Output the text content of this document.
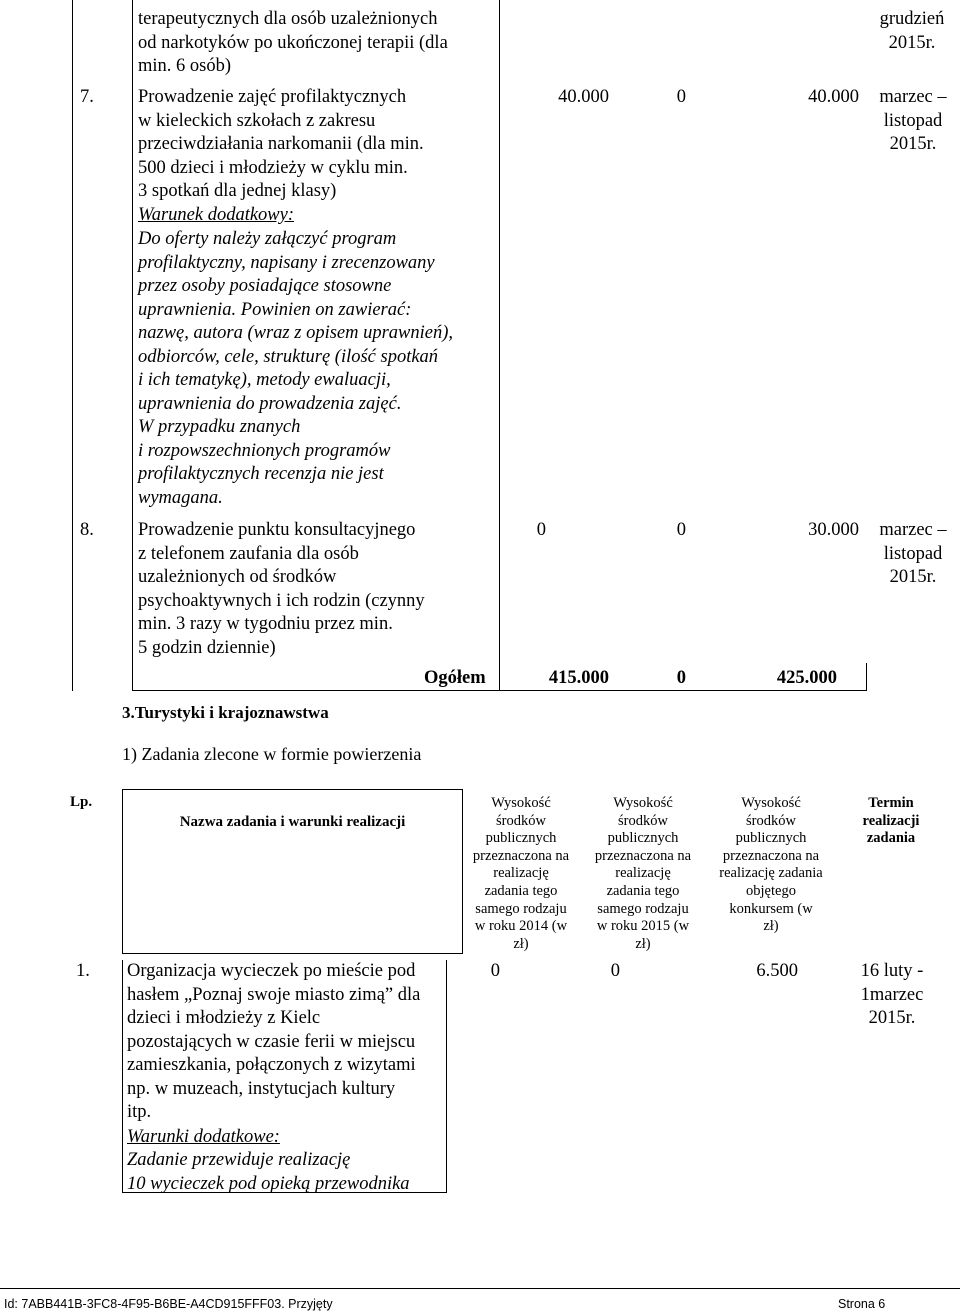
terapeutycznych dla osób uzależnionych
od narkotyków po ukończonej terapii (dla
min. 6 osób)
grudzień
2015r.
7. Prowadzenie zajęć profilaktycznych
w kieleckich szkołach z zakresu
przeciwdziałania narkomanii (dla min.
500 dzieci i młodzieży w cyklu min.
3 spotkań dla jednej klasy)
Warunek dodatkowy:
Do oferty należy załączyć program
profilaktyczny, napisany i zrecenzowany
przez osoby posiadające stosowne
uprawnienia. Powinien on zawierać:
nazwę, autora (wraz z opisem uprawnień),
odbiorców, cele, strukturę (ilość spotkań
i ich tematykę), metody ewaluacji,
uprawnienia do prowadzenia zajęć.
W przypadku znanych
i rozpowszechnionych programów
profilaktycznych recenzja nie jest
wymagana.
40.000	0	40.000	marzec –
listopad
2015r.
8. Prowadzenie punktu konsultacyjnego
z telefonem zaufania dla osób
uzależnionych od środków
psychoaktywnych i ich rodzin (czynny
min. 3 razy w tygodniu przez min.
5 godzin dziennie)
0	0	30.000	marzec –
listopad
2015r.
Ogółem	415.000	0	425.000
3.Turystyki i krajoznawstwa
1) Zadania zlecone w formie powierzenia
Lp.
Nazwa zadania i warunki realizacji
Wysokość
środków
publicznych
przeznaczona na
realizację
zadania tego
samego rodzaju
w roku 2014 (w
zł)
Wysokość
środków
publicznych
przeznaczona na
realizację
zadania tego
samego rodzaju
w roku 2015 (w
zł)
Wysokość
środków
publicznych
przeznaczona na
realizację zadania
objętego
konkursem (w
zł)
Termin
realizacji
zadania
1. Organizacja wycieczek po mieście pod
hasłem „Poznaj swoje miasto zimą” dla
dzieci i młodzieży z Kielc
pozostających w czasie ferii w miejscu
zamieszkania, połączonych z wizytami
np. w muzeach, instytucjach kultury
itp.
Warunki dodatkowe:
Zadanie przewiduje realizację
10 wycieczek pod opieką przewodnika
0	0	6.500	16 luty -
1marzec
2015r.
Id: 7ABB441B-3FC8-4F95-B6BE-A4CD915FFF03. Przyjęty	Strona 6
